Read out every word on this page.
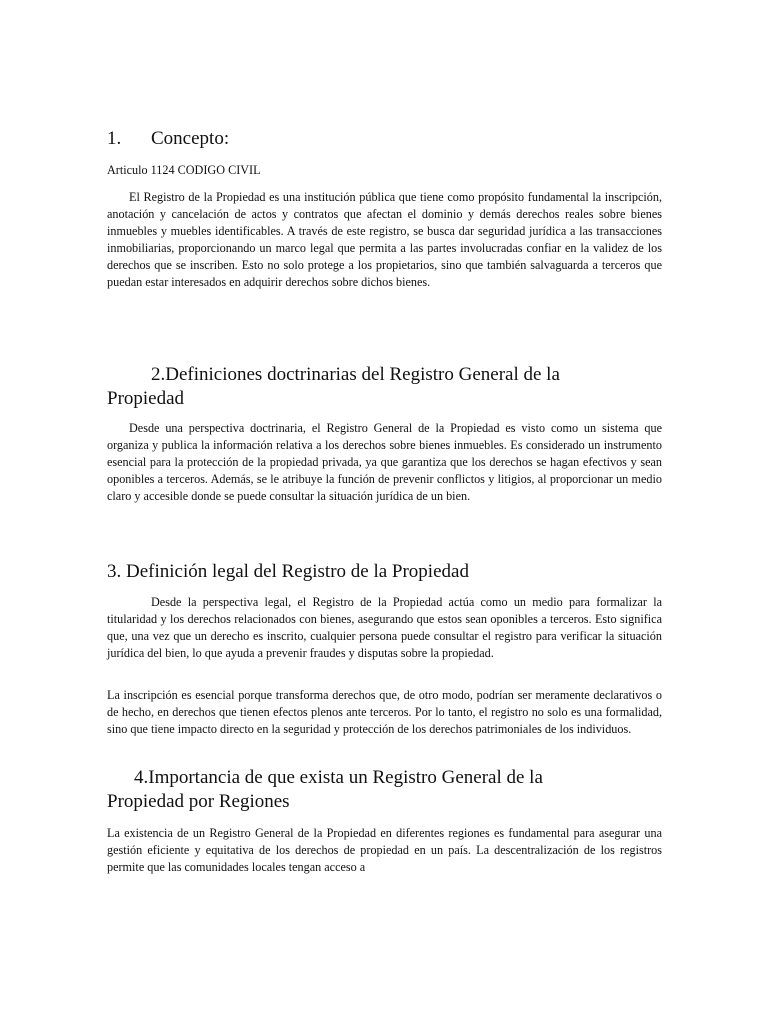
1. Concepto:

Articulo 1124 CODIGO CIVIL

El Registro de la Propiedad es una institución pública que tiene como propósito fundamental la inscripción, anotación y cancelación de actos y contratos que afectan el dominio y demás derechos reales sobre bienes inmuebles y muebles identificables. A través de este registro, se busca dar seguridad jurídica a las transacciones inmobiliarias, proporcionando un marco legal que permita a las partes involucradas confiar en la validez de los derechos que se inscriben. Esto no solo protege a los propietarios, sino que también salvaguarda a terceros que puedan estar interesados en adquirir derechos sobre dichos bienes.

2.Definiciones doctrinarias del Registro General de la Propiedad

Desde una perspectiva doctrinaria, el Registro General de la Propiedad es visto como un sistema que organiza y publica la información relativa a los derechos sobre bienes inmuebles. Es considerado un instrumento esencial para la protección de la propiedad privada, ya que garantiza que los derechos se hagan efectivos y sean oponibles a terceros. Además, se le atribuye la función de prevenir conflictos y litigios, al proporcionar un medio claro y accesible donde se puede consultar la situación jurídica de un bien.

3. Definición legal del Registro de la Propiedad

Desde la perspectiva legal, el Registro de la Propiedad actúa como un medio para formalizar la titularidad y los derechos relacionados con bienes, asegurando que estos sean oponibles a terceros. Esto significa que, una vez que un derecho es inscrito, cualquier persona puede consultar el registro para verificar la situación jurídica del bien, lo que ayuda a prevenir fraudes y disputas sobre la propiedad.

La inscripción es esencial porque transforma derechos que, de otro modo, podrían ser meramente declarativos o de hecho, en derechos que tienen efectos plenos ante terceros. Por lo tanto, el registro no solo es una formalidad, sino que tiene impacto directo en la seguridad y protección de los derechos patrimoniales de los individuos.

4.Importancia de que exista un Registro General de la Propiedad por Regiones

La existencia de un Registro General de la Propiedad en diferentes regiones es fundamental para asegurar una gestión eficiente y equitativa de los derechos de propiedad en un país. La descentralización de los registros permite que las comunidades locales tengan acceso a
